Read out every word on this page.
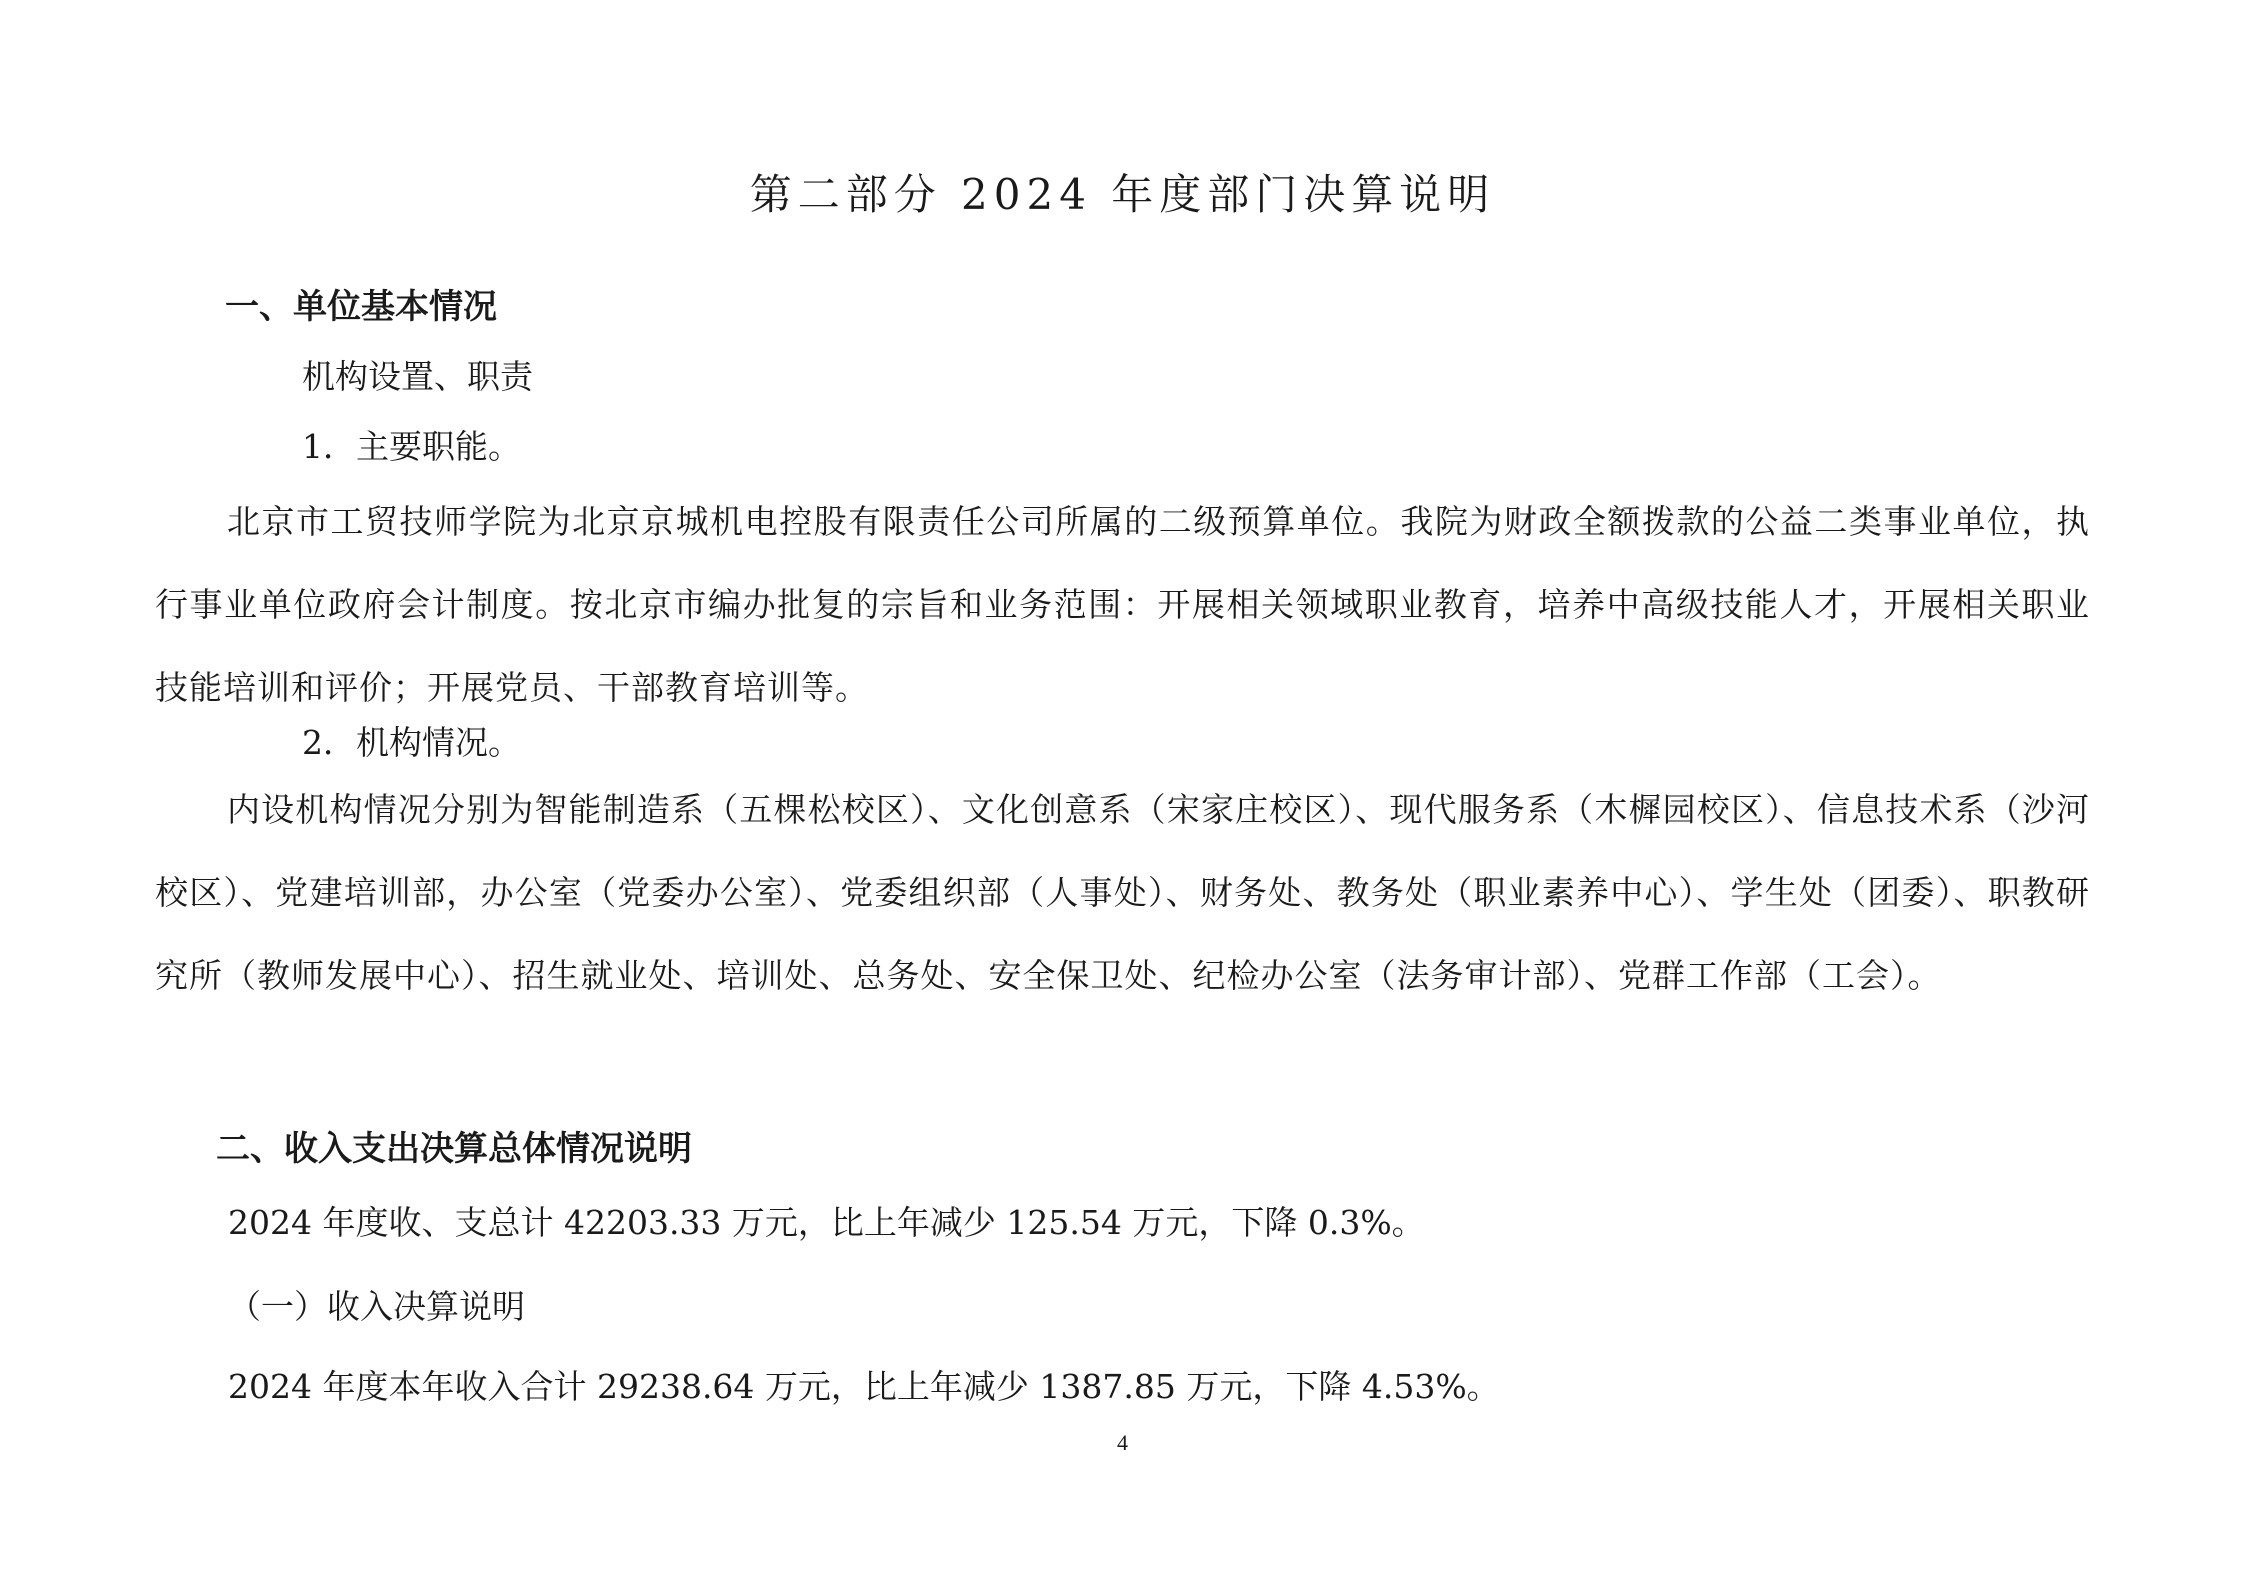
第二部分 2024 年度部门决算说明
一、单位基本情况
机构设置、职责
1．主要职能。
北京市工贸技师学院为北京京城机电控股有限责任公司所属的二级预算单位。我院为财政全额拨款的公益二类事业单位，执行事业单位政府会计制度。按北京市编办批复的宗旨和业务范围：开展相关领域职业教育，培养中高级技能人才，开展相关职业技能培训和评价；开展党员、干部教育培训等。
2．机构情况。
内设机构情况分别为智能制造系（五棵松校区）、文化创意系（宋家庄校区）、现代服务系（木樨园校区）、信息技术系（沙河校区）、党建培训部，办公室（党委办公室）、党委组织部（人事处）、财务处、教务处（职业素养中心）、学生处（团委）、职教研究所（教师发展中心）、招生就业处、培训处、总务处、安全保卫处、纪检办公室（法务审计部）、党群工作部（工会）。
二、收入支出决算总体情况说明
2024 年度收、支总计 42203.33 万元，比上年减少 125.54 万元，下降 0.3%。
（一）收入决算说明
2024 年度本年收入合计 29238.64 万元，比上年减少 1387.85 万元，下降 4.53%。
4
